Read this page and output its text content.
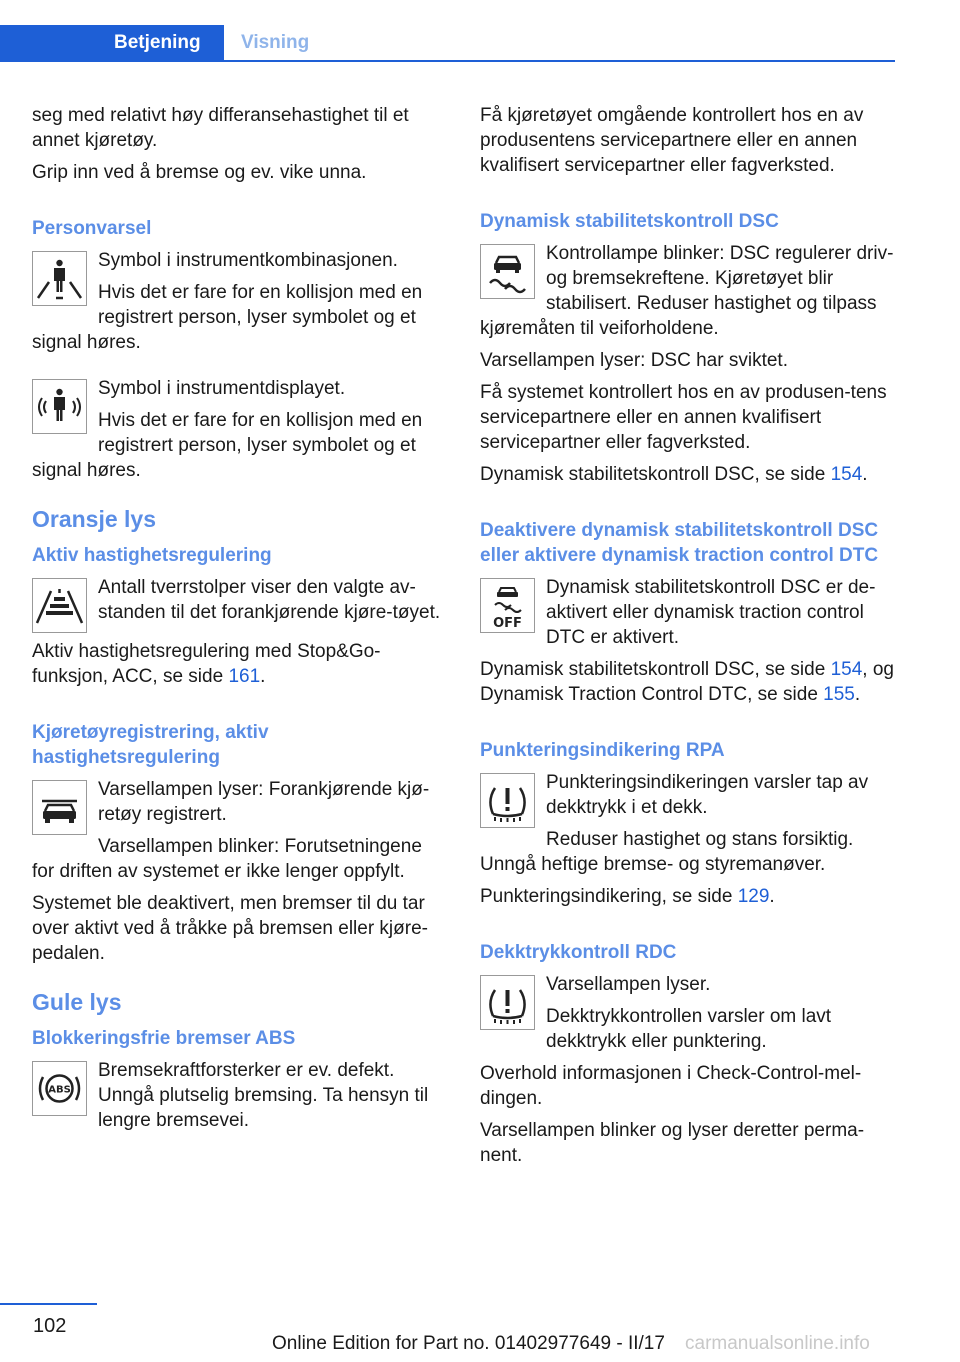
Betjening	Visning

seg med relativt høy differansehastighet til et annet kjøretøy.

Grip inn ved å bremse og ev. vike unna.

Personvarsel

Symbol i instrumentkombinasjonen.

Hvis det er fare for en kollisjon med en registrert person, lyser symbolet og et signal høres.

Symbol i instrumentdisplayet.

Hvis det er fare for en kollisjon med en registrert person, lyser symbolet og et signal høres.

Oransje lys
Aktiv hastighetsregulering

Antall tverrstolper viser den valgte av-standen til det forankjørende kjøre-tøyet.

Aktiv hastighetsregulering med Stop&Go-funksjon, ACC, se side 161.

Kjøretøyregistrering, aktiv hastighetsregulering

Varsellampen lyser: Forankjørende kjø-retøy registrert.

Varsellampen blinker: Forutsetningene for driften av systemet er ikke lenger oppfylt.

Systemet ble deaktivert, men bremser til du tar over aktivt ved å tråkke på bremsen eller kjøre-pedalen.

Gule lys
Blokkeringsfrie bremser ABS
ABS

Bremsekraftforsterker er ev. defekt. Unngå plutselig bremsing. Ta hensyn til lengre bremsevei.

Få kjøretøyet omgående kontrollert hos en av produsentens servicepartnere eller en annen kvalifisert servicepartner eller fagverksted.

Dynamisk stabilitetskontroll DSC

Kontrollampe blinker: DSC regulerer driv- og bremsekreftene. Kjøretøyet blir stabilisert. Reduser hastighet og tilpass kjøremåten til veiforholdene.

Varsellampen lyser: DSC har sviktet.

Få systemet kontrollert hos en av produsen-tens servicepartnere eller en annen kvalifisert servicepartner eller fagverksted.

Dynamisk stabilitetskontroll DSC, se side 154.

Deaktivere dynamisk stabilitetskontroll DSC eller aktivere dynamisk traction control DTC
OFF

Dynamisk stabilitetskontroll DSC er de-aktivert eller dynamisk traction control DTC er aktivert.

Dynamisk stabilitetskontroll DSC, se side 154, og Dynamisk Traction Control DTC, se side 155.

Punkteringsindikering RPA

Punkteringsindikeringen varsler tap av dekktrykk i et dekk.

Reduser hastighet og stans forsiktig. Unngå heftige bremse- og styremanøver.

Punkteringsindikering, se side 129.

Dekktrykkontroll RDC

Varsellampen lyser.

Dekktrykkontrollen varsler om lavt dekktrykk eller punktering.

Overhold informasjonen i Check-Control-mel-dingen.

Varsellampen blinker og lyser deretter perma-nent.

102
Online Edition for Part no. 01402977649 - II/17 carmanualsonline.info
